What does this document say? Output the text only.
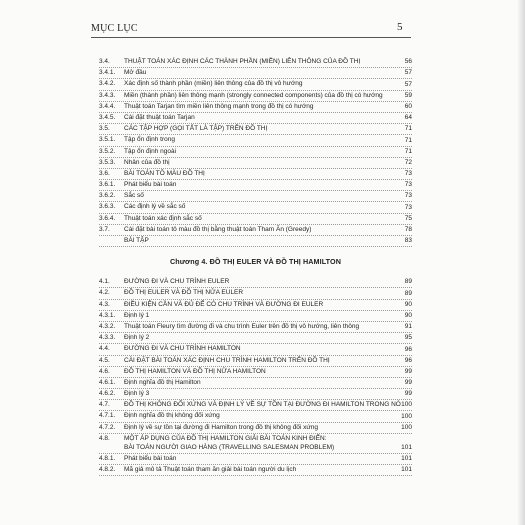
MỤC LỤC	5
3.4. THUẬT TOÁN XÁC ĐỊNH CÁC THÀNH PHẦN (MIỀN) LIÊN THÔNG CỦA ĐỒ THỊ	56
3.4.1. Mở đầu	57
3.4.2. Xác định số thành phần (miền) liên thông của đồ thị vô hướng	57
3.4.3. Miền (thành phần) liên thông mạnh (strongly connected components) của đồ thị có hướng	59
3.4.4. Thuật toán Tarjan tìm miền liên thông mạnh trong đồ thị có hướng	60
3.4.5. Cài đặt thuật toán Tarjan	64
3.5. CÁC TẬP HỢP (GỌI TẮT LÀ TẬP) TRÊN ĐỒ THỊ	71
3.5.1. Tập ổn định trong	71
3.5.2. Tập ổn định ngoài	71
3.5.3. Nhân của đồ thị	72
3.6. BÀI TOÁN TÔ MÀU ĐỒ THỊ	73
3.6.1. Phát biểu bài toán	73
3.6.2. Sắc số	73
3.6.3. Các định lý về sắc số	73
3.6.4. Thuật toán xác định sắc số	75
3.7. Cài đặt bài toán tô màu đồ thị bằng thuật toán Tham Ăn (Greedy)	78
BÀI TẬP	83
Chương 4. ĐỒ THỊ EULER VÀ ĐỒ THỊ HAMILTON
4.1. ĐƯỜNG ĐI VÀ CHU TRÌNH EULER	89
4.2. ĐỒ THỊ EULER VÀ ĐỒ THỊ NỬA EULER	89
4.3. ĐIỀU KIỆN CẦN VÀ ĐỦ ĐỂ CÓ CHU TRÌNH VÀ ĐƯỜNG ĐI EULER	90
4.3.1. Định lý 1	90
4.3.2. Thuật toán Fleury tìm đường đi và chu trình Euler trên đồ thị vô hướng, liên thông	91
4.3.3. Định lý 2	95
4.4. ĐƯỜNG ĐI VÀ CHU TRÌNH HAMILTON	96
4.5. CÀI ĐẶT BÀI TOÁN XÁC ĐỊNH CHU TRÌNH HAMILTON TRÊN ĐỒ THỊ	96
4.6. ĐỒ THỊ HAMILTON VÀ ĐỒ THỊ NỬA HAMILTON	99
4.6.1. Định nghĩa đồ thị Hamilton	99
4.6.2. Định lý 3	99
4.7. ĐỒ THỊ KHÔNG ĐỐI XỨNG VÀ ĐỊNH LÝ VỀ SỰ TỒN TẠI ĐƯỜNG ĐI HAMILTON TRONG NÓ 100
4.7.1. Định nghĩa đồ thị không đối xứng	100
4.7.2. Định lý về sự tồn tại đường đi Hamilton trong đồ thị không đối xứng	100
4.8. MỘT ÁP DỤNG CỦA ĐỒ THỊ HAMILTON GIẢI BÀI TOÁN KINH ĐIỂN:
BÀI TOÁN NGƯỜI GIAO HÀNG (TRAVELLING SALESMAN PROBLEM)	101
4.8.1. Phát biểu bài toán	101
4.8.2. Mã giả mô tả Thuật toán tham ăn giải bài toán người du lịch	101
